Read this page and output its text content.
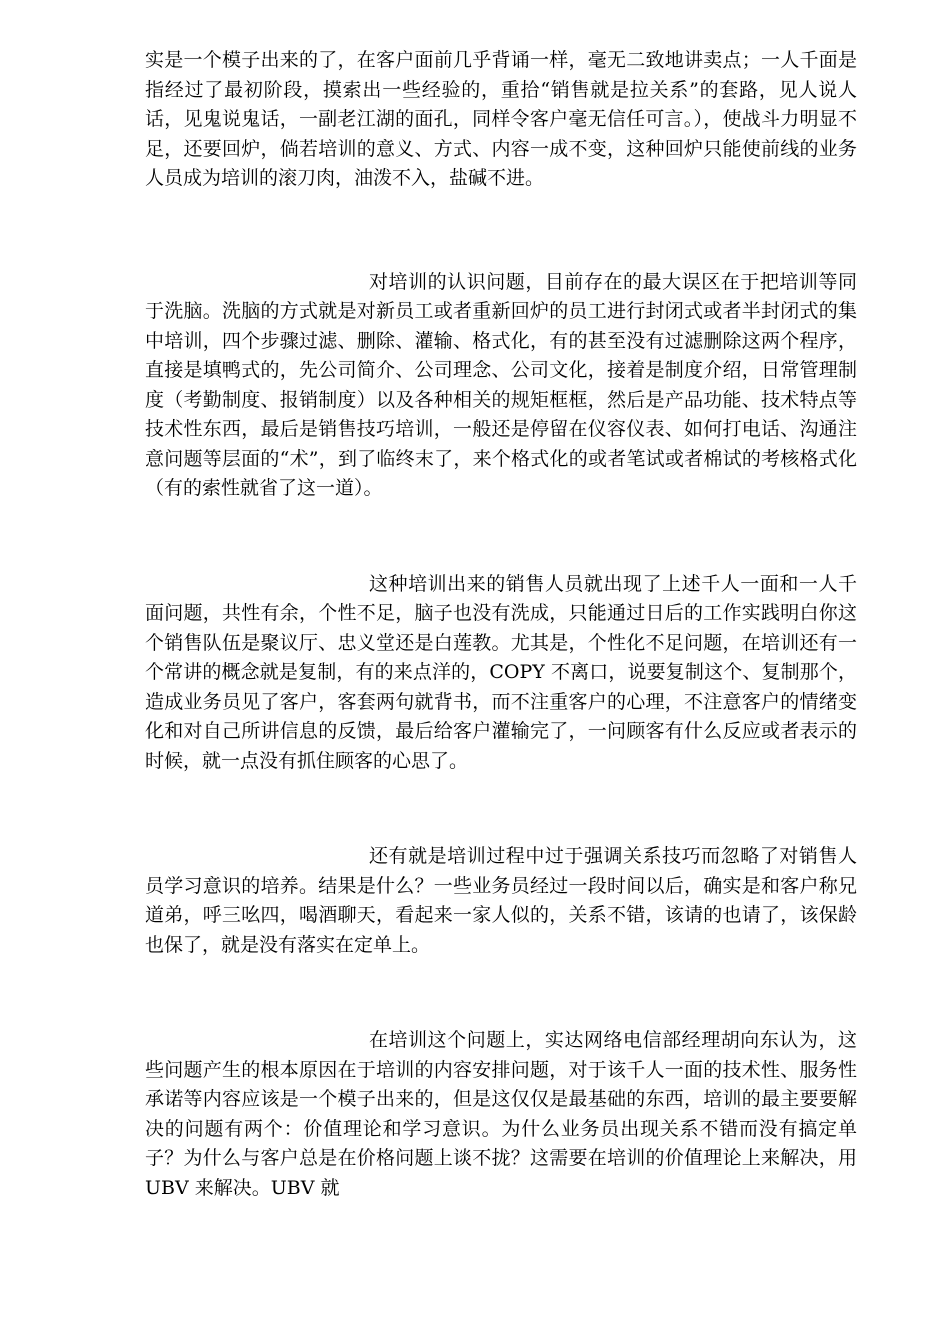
实是一个模子出来的了，在客户面前几乎背诵一样，毫无二致地讲卖点；一人千面是指经过了最初阶段，摸索出一些经验的，重拾“销售就是拉关系”的套路，见人说人话，见鬼说鬼话，一副老江湖的面孔，同样令客户毫无信任可言。），使战斗力明显不足，还要回炉，倘若培训的意义、方式、内容一成不变，这种回炉只能使前线的业务人员成为培训的滚刀肉，油泼不入，盐碱不进。

对培训的认识问题，目前存在的最大误区在于把培训等同于洗脑。洗脑的方式就是对新员工或者重新回炉的员工进行封闭式或者半封闭式的集中培训，四个步骤过滤、删除、灌输、格式化，有的甚至没有过滤删除这两个程序，直接是填鸭式的，先公司简介、公司理念、公司文化，接着是制度介绍，日常管理制度（考勤制度、报销制度）以及各种相关的规矩框框，然后是产品功能、技术特点等技术性东西，最后是销售技巧培训，一般还是停留在仪容仪表、如何打电话、沟通注意问题等层面的“术”，到了临终末了，来个格式化的或者笔试或者棉试的考核格式化（有的索性就省了这一道）。

这种培训出来的销售人员就出现了上述千人一面和一人千面问题，共性有余，个性不足，脑子也没有洗成，只能通过日后的工作实践明白你这个销售队伍是聚议厅、忠义堂还是白莲教。尤其是，个性化不足问题，在培训还有一个常讲的概念就是复制，有的来点洋的，COPY 不离口，说要复制这个、复制那个，造成业务员见了客户，客套两句就背书，而不注重客户的心理，不注意客户的情绪变化和对自己所讲信息的反馈，最后给客户灌输完了，一问顾客有什么反应或者表示的时候，就一点没有抓住顾客的心思了。

还有就是培训过程中过于强调关系技巧而忽略了对销售人员学习意识的培养。结果是什么？一些业务员经过一段时间以后，确实是和客户称兄道弟，呼三吆四，喝酒聊天，看起来一家人似的，关系不错，该请的也请了，该保龄也保了，就是没有落实在定单上。

在培训这个问题上，实达网络电信部经理胡向东认为，这些问题产生的根本原因在于培训的内容安排问题，对于该千人一面的技术性、服务性承诺等内容应该是一个模子出来的，但是这仅仅是最基础的东西，培训的最主要要解决的问题有两个：价值理论和学习意识。为什么业务员出现关系不错而没有搞定单子？为什么与客户总是在价格问题上谈不拢？这需要在培训的价值理论上来解决，用 UBV 来解决。UBV 就
